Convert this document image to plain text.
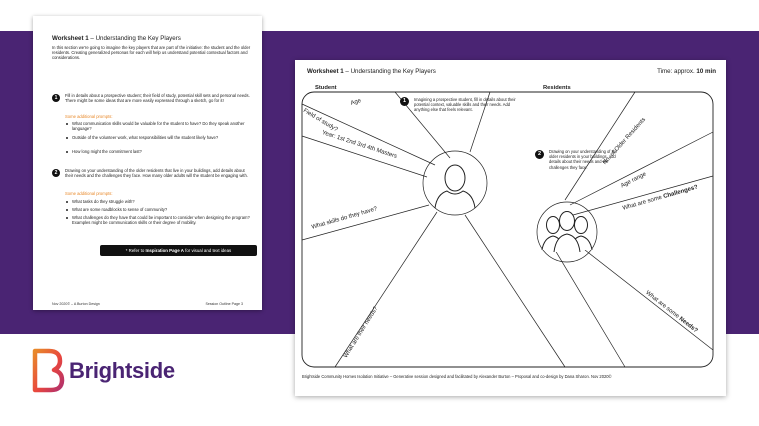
Worksheet 1 – Understanding the Key Players
In this section we're going to imagine the key players that are part of the initiative: the student and the older residents. Creating generalized personas for each will help us understand potential contextual factors and considerations.
1	Fill in details about a prospective student; their field of study, potential skill sets and personal needs. There might be some ideas that are more easily expressed through a sketch, go for it!
Some additional prompts:
What communication skills would be valuable for the student to have? Do they speak another language?
Outside of the volunteer work, what responsibilities will the student likely have?
How long might the commitment last?
2	Drawing on your understanding of the older residents that live in your buildings, add details about their needs and the challenges they face. How many older adults will the student be engaging with.
Some additional prompts:
What tasks do they struggle with?
What are some roadblocks to sense of community?
What challenges do they have that could be important to consider when designing the program? Examples might be communication skills or their degree of mobility.
* Refer to Inspiration Page A for visual and text ideas
Nov 2020© – A Burton Design	Session Outline Page 3
Worksheet 1 – Understanding the Key Players	Time: approx. 10 min
Student	Residents
Age
Field of study?
Year: 1st 2nd 3rd 4th Masters
What skills do they have?
What are their needs?
No. of Older Residents
Age range
What are some Challenges?
What are some Needs?
1	Imagining a prospective student, fill in details about their potential context, valuable skills and their needs. Add anything else that feels relevant.
2	Drawing on your understanding of the older residents in your buildings, add details about their needs and the challenges they face.
Brightside Community Homes Isolation Initiative – Generative session designed and facilitated by Alexander Burton – Proposal and co-design by Dana Sharon. Nov 2020©
Brightside
